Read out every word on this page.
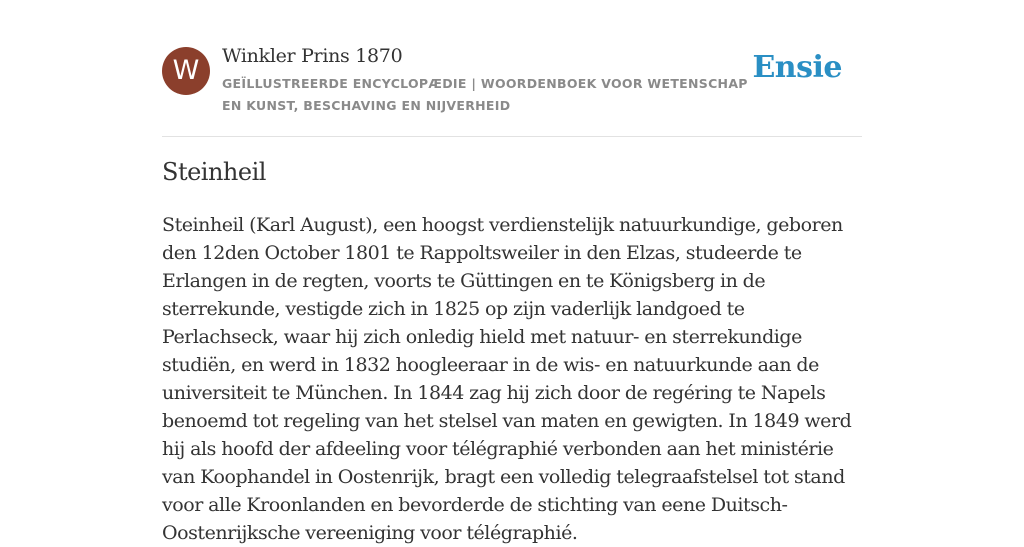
W	Winkler Prins 1870
GEÏLLUSTREERDE ENCYCLOPÆDIE | WOORDENBOEK VOOR WETENSCHAP EN KUNST, BESCHAVING EN NIJVERHEID
Ensie
Steinheil

Steinheil (Karl August), een hoogst verdienstelijk natuurkundige, geboren den 12den October 1801 te Rappoltsweiler in den Elzas, studeerde te Erlangen in de regten, voorts te Güttingen en te Königsberg in de sterrekunde, vestigde zich in 1825 op zijn vaderlijk landgoed te Perlachseck, waar hij zich onledig hield met natuur- en sterrekundige studiën, en werd in 1832 hoogleeraar in de wis- en natuurkunde aan de universiteit te München. In 1844 zag hij zich door de regéring te Napels benoemd tot regeling van het stelsel van maten en gewigten. In 1849 werd hij als hoofd der afdeeling voor télégraphié verbonden aan het ministérie van Koophandel in Oostenrijk, bragt een volledig telegraafstelsel tot stand voor alle Kroonlanden en bevorderde de stichting van eene Duitsch-Oostenrijksche vereeniging voor télégraphié.
